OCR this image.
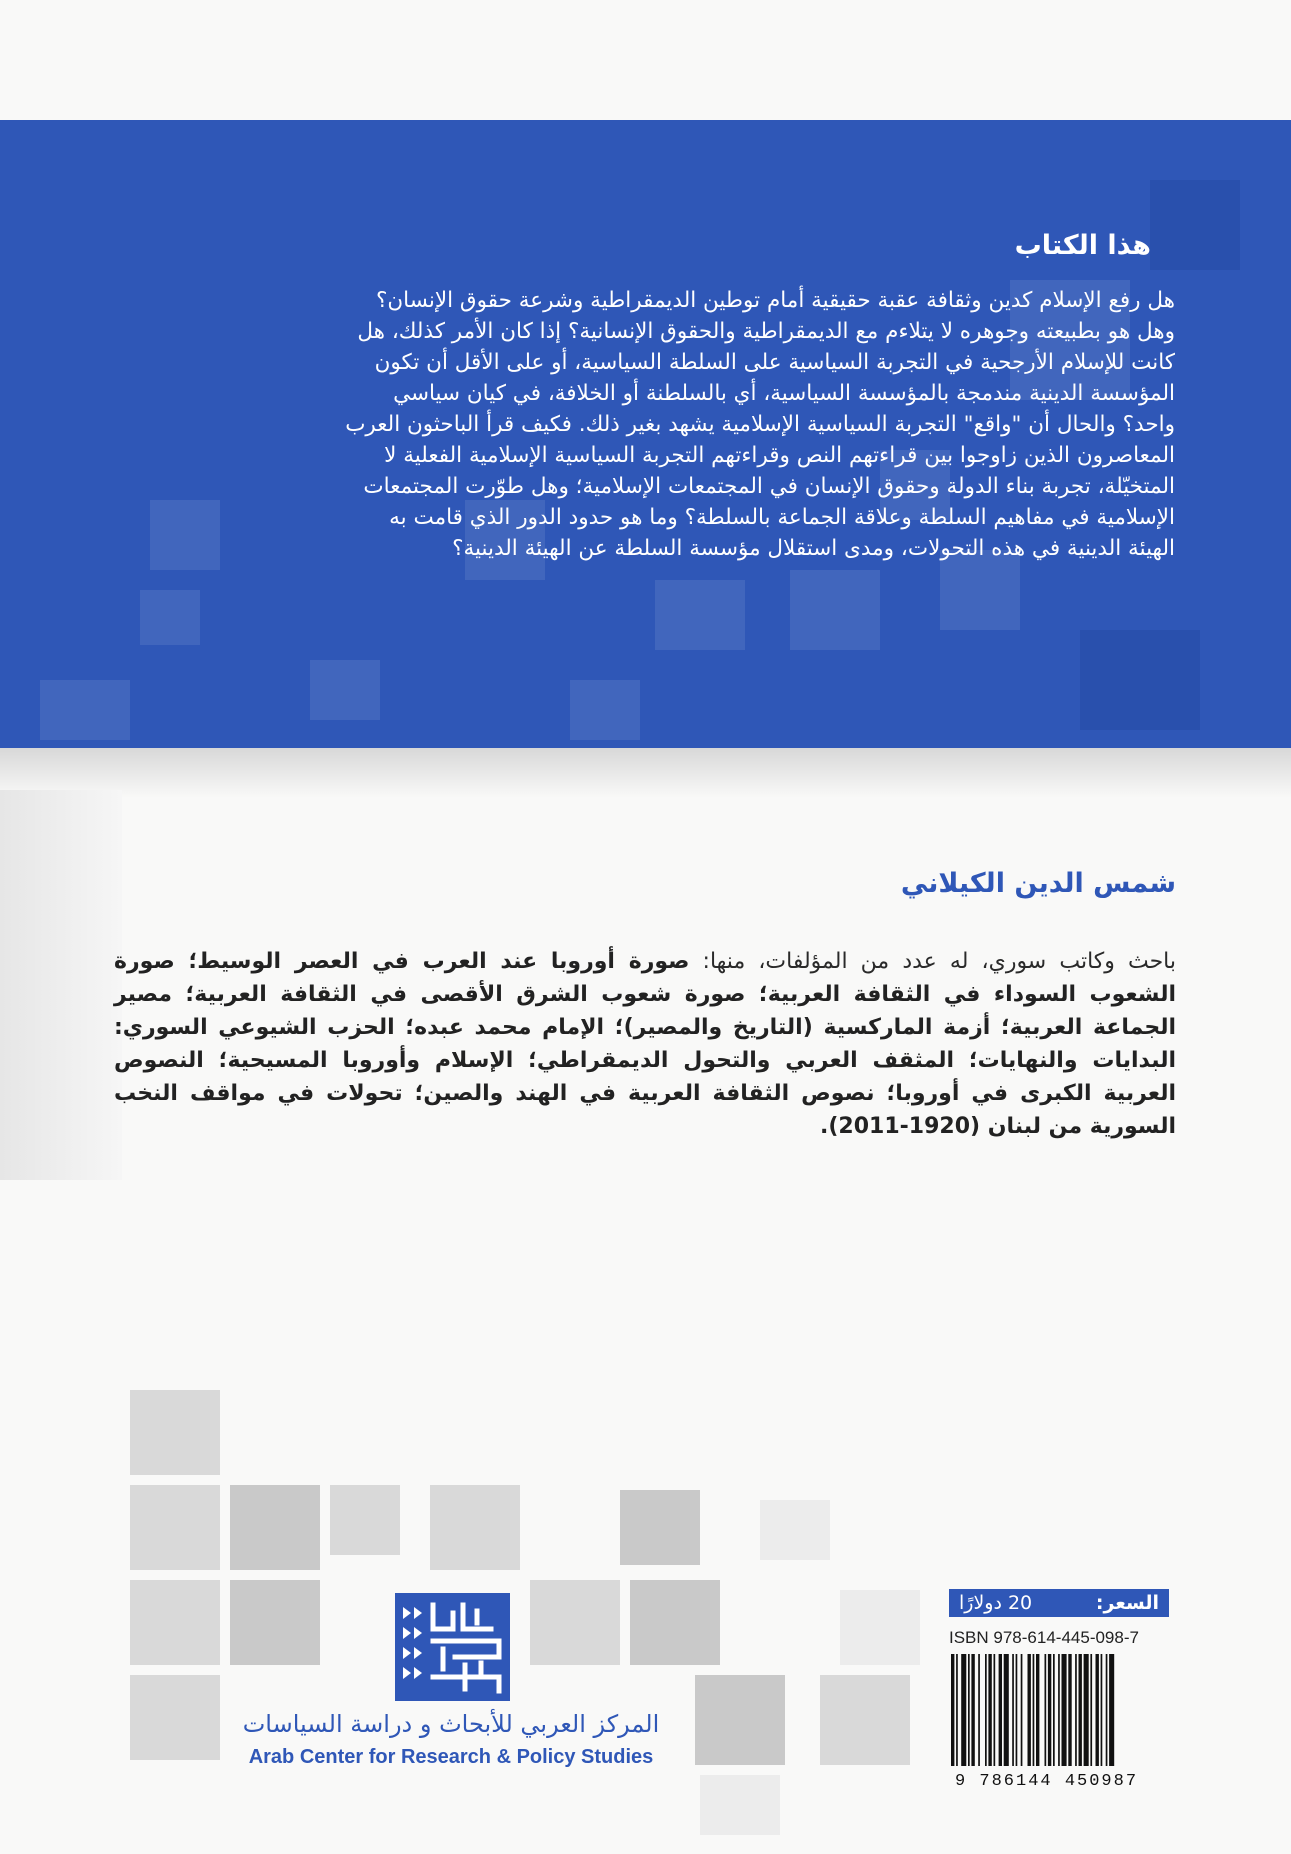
هذا الكتاب
هل رفع الإسلام كدين وثقافة عقبة حقيقية أمام توطين الديمقراطية وشرعة حقوق الإنسان؟
وهل هو بطبيعته وجوهره لا يتلاءم مع الديمقراطية والحقوق الإنسانية؟ إذا كان الأمر كذلك، هل
كانت للإسلام الأرجحية في التجربة السياسية على السلطة السياسية، أو على الأقل أن تكون
المؤسسة الدينية مندمجة بالمؤسسة السياسية، أي بالسلطنة أو الخلافة، في كيان سياسي
واحد؟ والحال أن "واقع" التجربة السياسية الإسلامية يشهد بغير ذلك. فكيف قرأ الباحثون العرب
المعاصرون الذين زاوجوا بين قراءتهم النص وقراءتهم التجربة السياسية الإسلامية الفعلية لا
المتخيّلة، تجربة بناء الدولة وحقوق الإنسان في المجتمعات الإسلامية؛ وهل طوّرت المجتمعات
الإسلامية في مفاهيم السلطة وعلاقة الجماعة بالسلطة؟ وما هو حدود الدور الذي قامت به
الهيئة الدينية في هذه التحولات، ومدى استقلال مؤسسة السلطة عن الهيئة الدينية؟
شمس الدين الكيلاني
باحث وكاتب سوري، له عدد من المؤلفات، منها: صورة أوروبا عند العرب في العصر الوسيط؛ صورة الشعوب السوداء في الثقافة العربية؛ صورة شعوب الشرق الأقصى في الثقافة العربية؛ مصير الجماعة العربية؛ أزمة الماركسية (التاريخ والمصير)؛ الإمام محمد عبده؛ الحزب الشيوعي السوري: البدايات والنهايات؛ المثقف العربي والتحول الديمقراطي؛ الإسلام وأوروبا المسيحية؛ النصوص العربية الكبرى في أوروبا؛ نصوص الثقافة العربية في الهند والصين؛ تحولات في مواقف النخب السورية من لبنان (1920-2011).
المركز العربي للأبحاث و دراسة السياسات
Arab Center for Research & Policy Studies
السعر:
20 دولارًا
ISBN 978-614-445-098-7
9 786144 450987
